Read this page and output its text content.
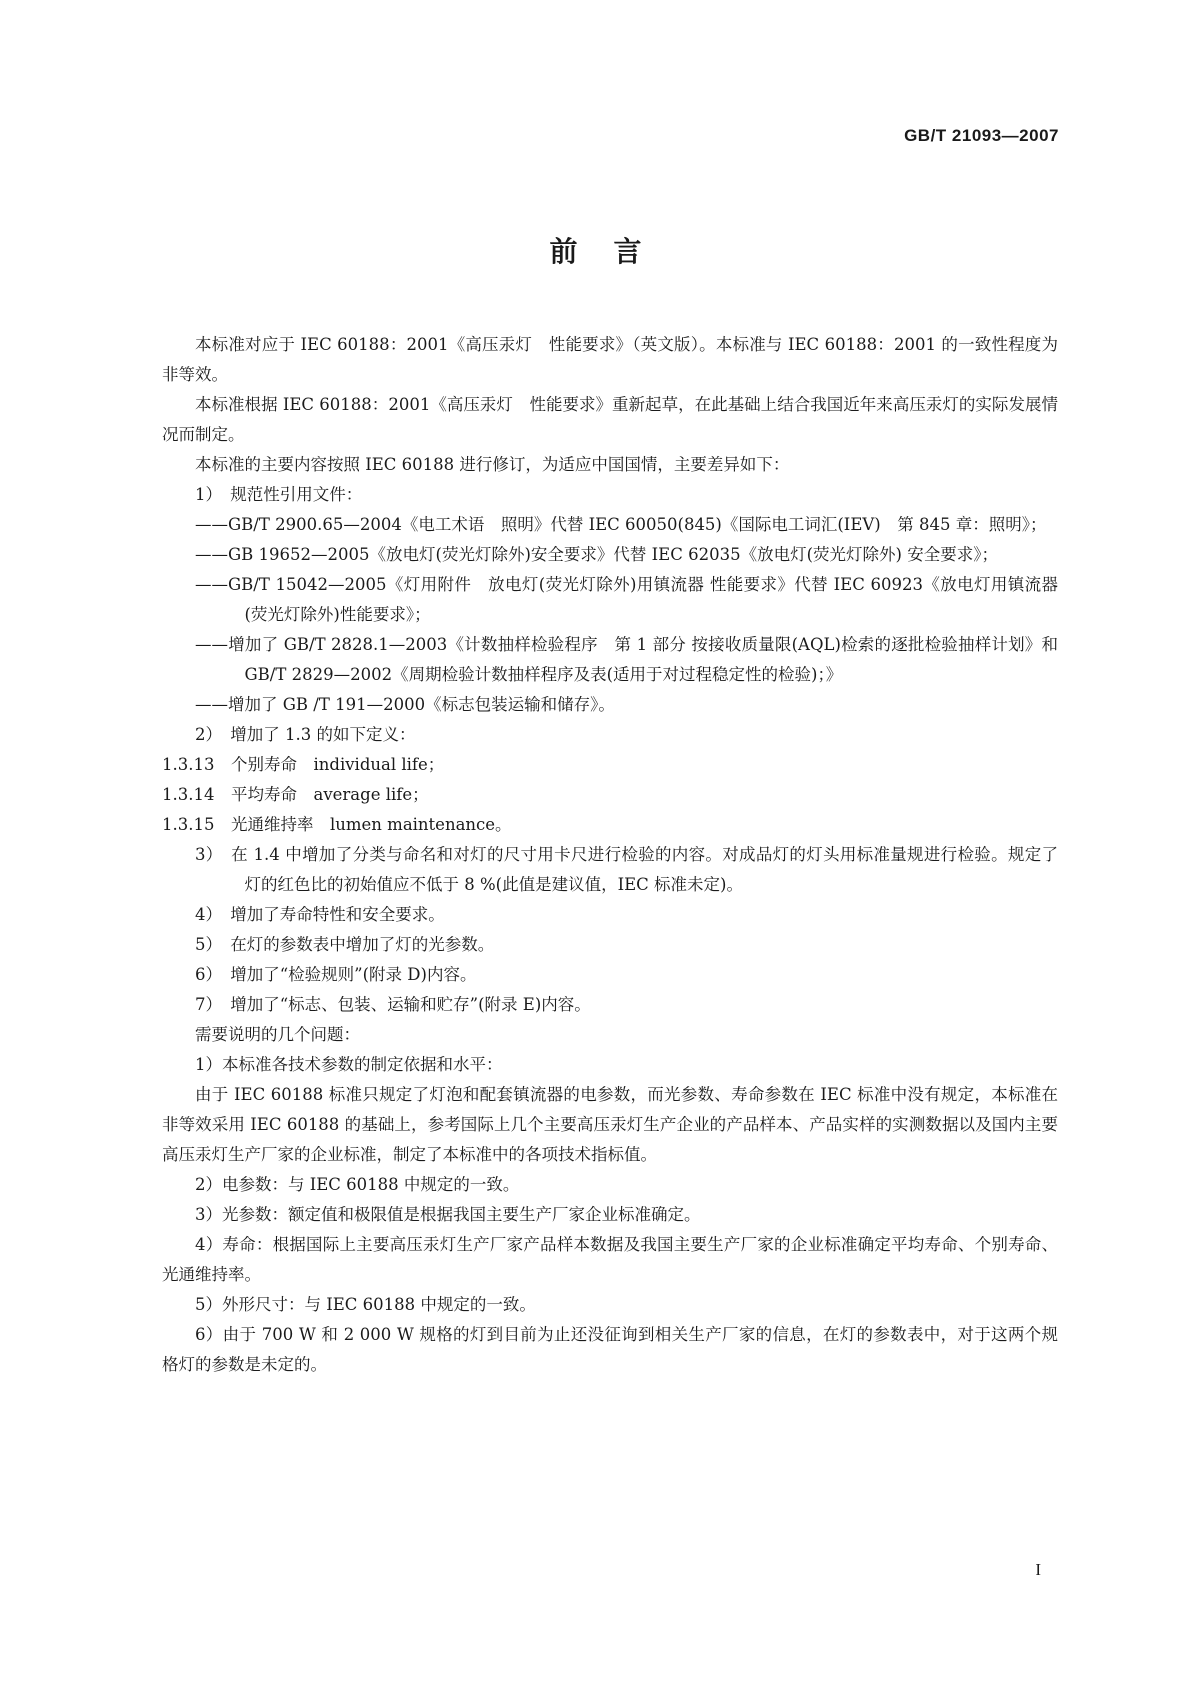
GB/T 21093—2007
前言

本标准对应于 IEC 60188：2001《高压汞灯　性能要求》（英文版）。本标准与 IEC 60188：2001 的一致性程度为非等效。

本标准根据 IEC 60188：2001《高压汞灯　性能要求》重新起草，在此基础上结合我国近年来高压汞灯的实际发展情况而制定。

本标准的主要内容按照 IEC 60188 进行修订，为适应中国国情，主要差异如下：

1）　规范性引用文件：

——GB/T 2900.65—2004《电工术语　照明》代替 IEC 60050(845)《国际电工词汇(IEV)　第 845 章：照明》；

——GB 19652—2005《放电灯(荧光灯除外)安全要求》代替 IEC 62035《放电灯(荧光灯除外) 安全要求》；

——GB/T 15042—2005《灯用附件　放电灯(荧光灯除外)用镇流器 性能要求》代替 IEC 60923《放电灯用镇流器(荧光灯除外)性能要求》；

——增加了 GB/T 2828.1—2003《计数抽样检验程序　第 1 部分 按接收质量限(AQL)检索的逐批检验抽样计划》和 GB/T 2829—2002《周期检验计数抽样程序及表(适用于对过程稳定性的检验)；》

——增加了 GB /T 191—2000《标志包装运输和储存》。

2）　增加了 1.3 的如下定义：

1.3.13　个别寿命　individual life；

1.3.14　平均寿命　average life；

1.3.15　光通维持率　lumen maintenance。

3）　在 1.4 中增加了分类与命名和对灯的尺寸用卡尺进行检验的内容。对成品灯的灯头用标准量规进行检验。规定了灯的红色比的初始值应不低于 8 %(此值是建议值，IEC 标准未定)。

4）　增加了寿命特性和安全要求。

5）　在灯的参数表中增加了灯的光参数。

6）　增加了“检验规则”(附录 D)内容。

7）　增加了“标志、包装、运输和贮存”(附录 E)内容。

需要说明的几个问题：

1）本标准各技术参数的制定依据和水平：

由于 IEC 60188 标准只规定了灯泡和配套镇流器的电参数，而光参数、寿命参数在 IEC 标准中没有规定，本标准在非等效采用 IEC 60188 的基础上，参考国际上几个主要高压汞灯生产企业的产品样本、产品实样的实测数据以及国内主要高压汞灯生产厂家的企业标准，制定了本标准中的各项技术指标值。

2）电参数：与 IEC 60188 中规定的一致。

3）光参数：额定值和极限值是根据我国主要生产厂家企业标准确定。

4）寿命：根据国际上主要高压汞灯生产厂家产品样本数据及我国主要生产厂家的企业标准确定平均寿命、个别寿命、光通维持率。

5）外形尺寸：与 IEC 60188 中规定的一致。

6）由于 700 W 和 2 000 W 规格的灯到目前为止还没征询到相关生产厂家的信息，在灯的参数表中，对于这两个规格灯的参数是未定的。

I
